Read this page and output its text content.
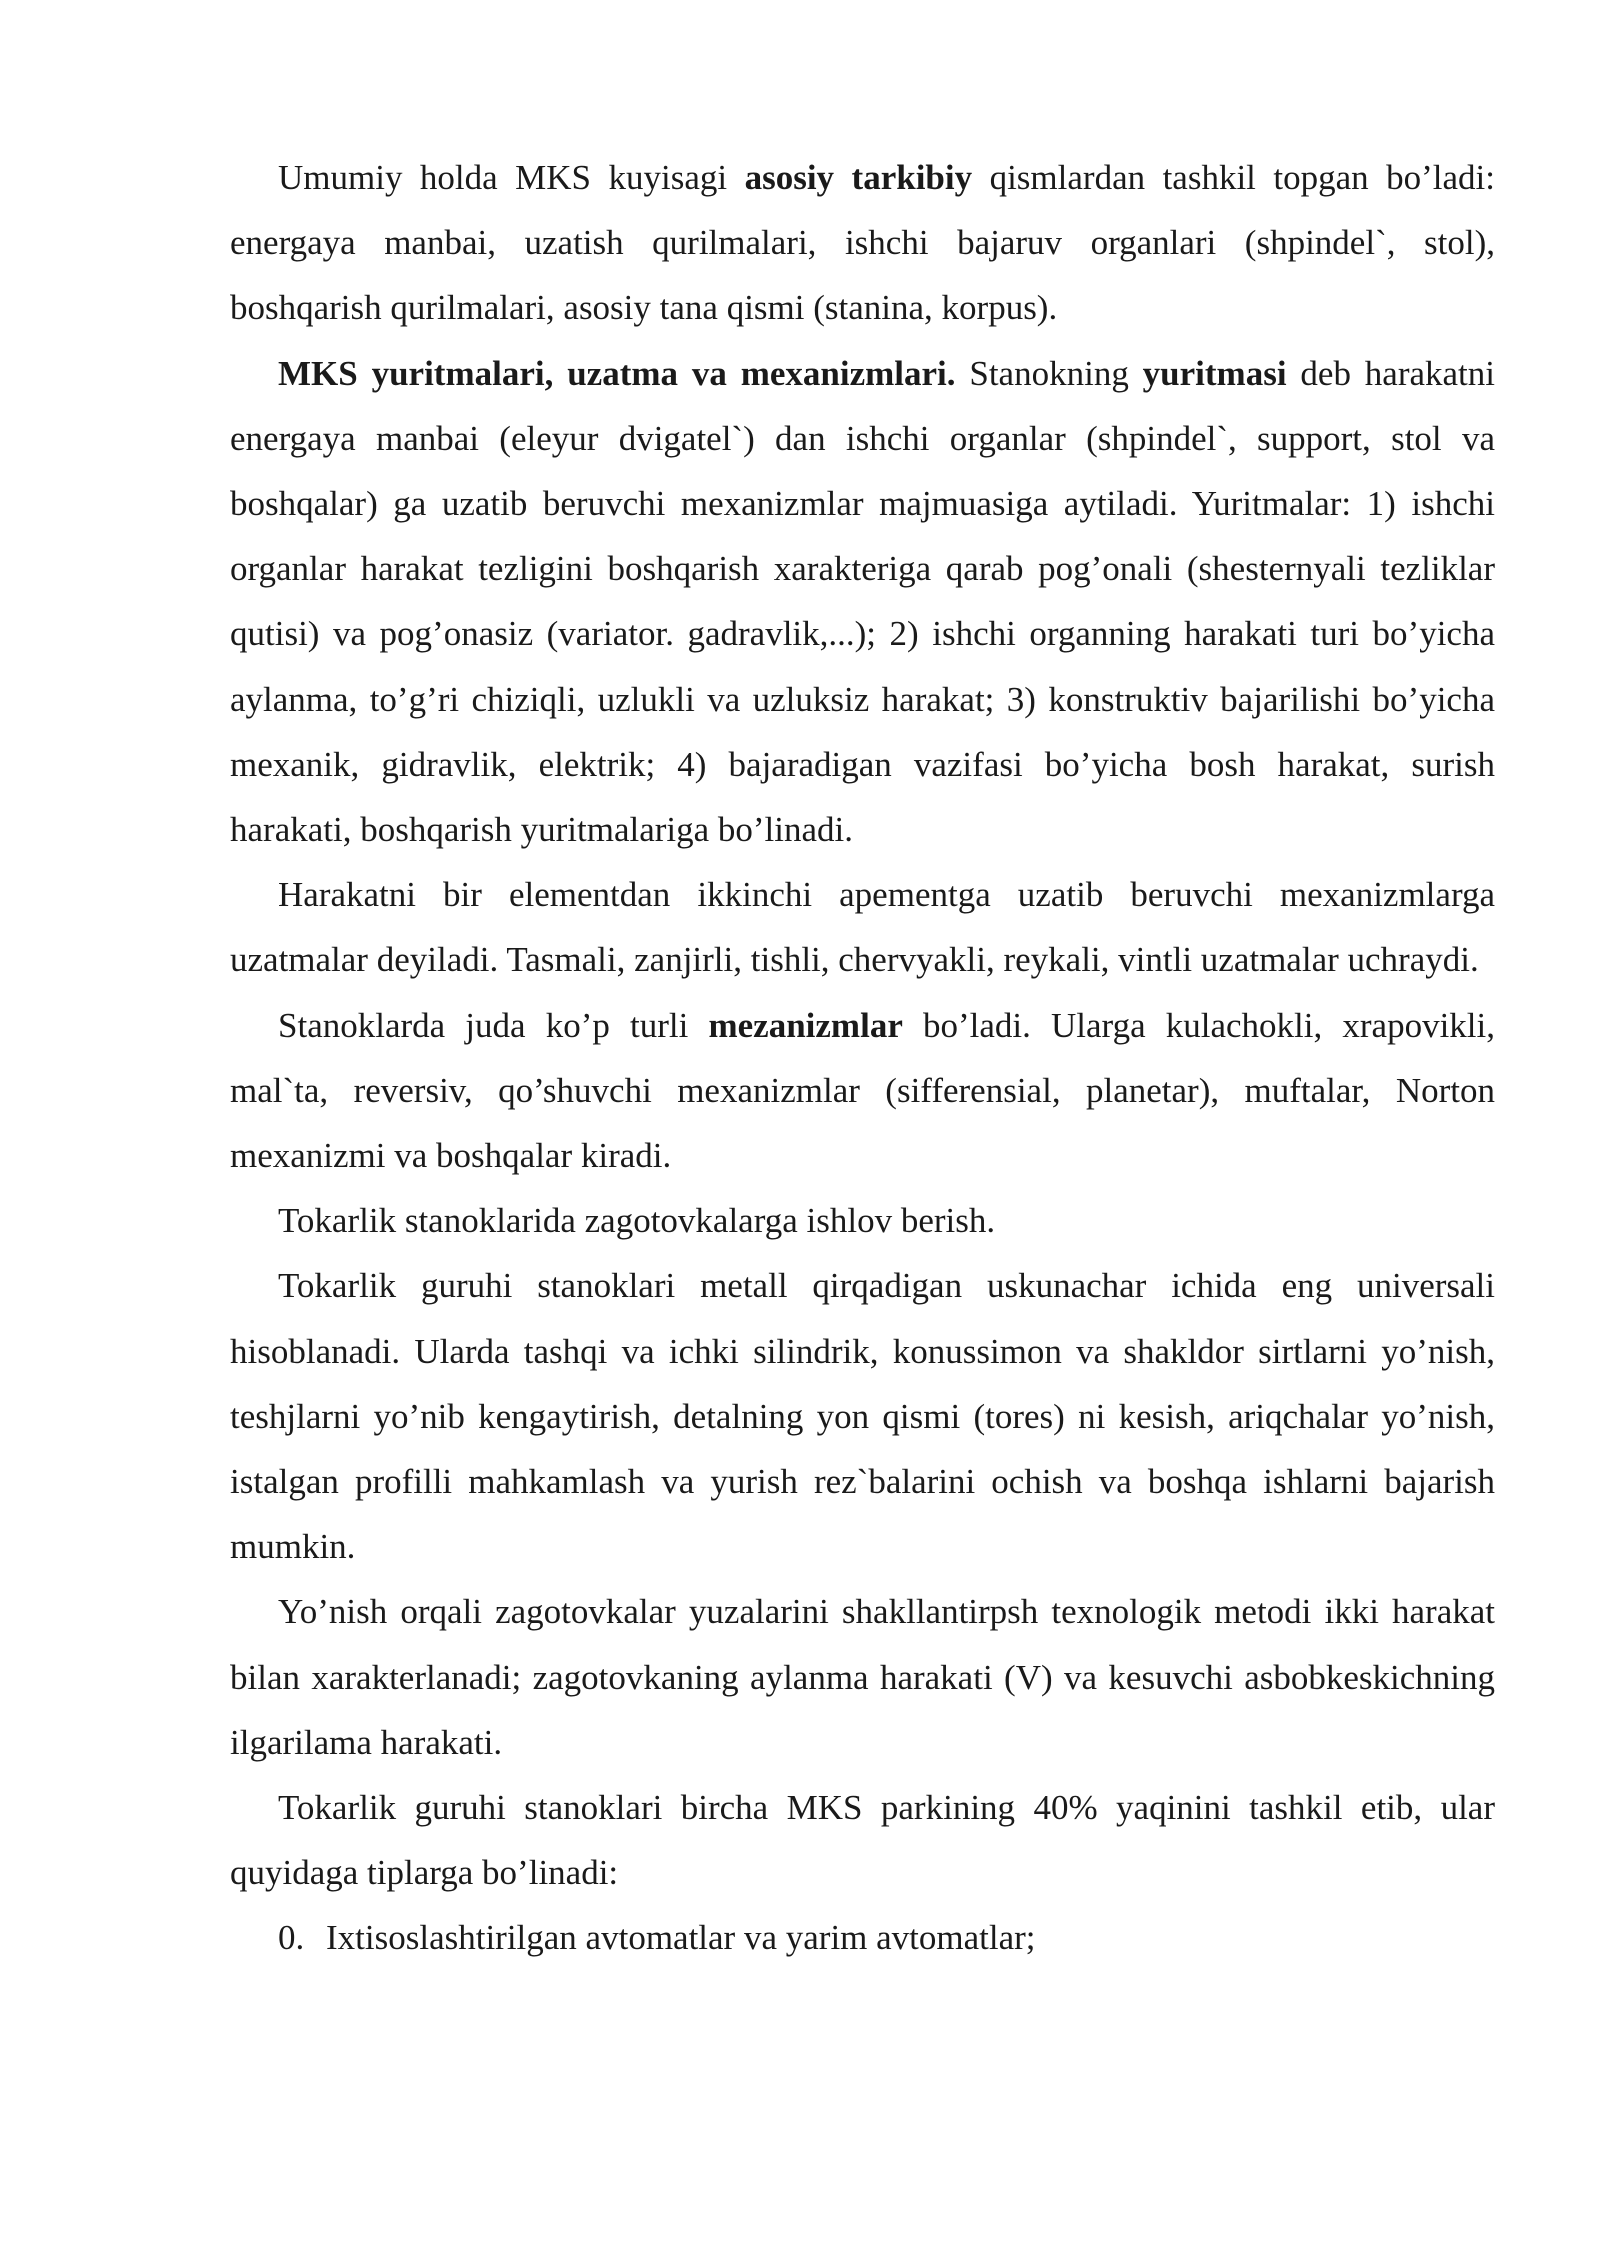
Umumiy holda MKS kuyisagi asosiy tarkibiy qismlardan tashkil topgan bo’ladi: energaya manbai, uzatish qurilmalari, ishchi bajaruv organlari (shpindel`, stol), boshqarish qurilmalari, asosiy tana qismi (stanina, korpus).

MKS yuritmalari, uzatma va mexanizmlari. Stanokning yuritmasi deb harakatni energaya manbai (eleyur dvigatel`) dan ishchi organlar (shpindel`, support, stol va boshqalar) ga uzatib beruvchi mexanizmlar majmuasiga aytiladi. Yuritmalar: 1) ishchi organlar harakat tezligini boshqarish xarakteriga qarab pog’onali (shesternyali tezliklar qutisi) va pog’onasiz (variator. gadravlik,...); 2) ishchi organning harakati turi bo’yicha aylanma, to’g’ri chiziqli, uzlukli va uzluksiz harakat; 3) konstruktiv bajarilishi bo’yicha mexanik, gidravlik, elektrik; 4) bajaradigan vazifasi bo’yicha bosh harakat, surish harakati, boshqarish yuritmalariga bo’linadi.

Harakatni bir elementdan ikkinchi apementga uzatib beruvchi mexanizmlarga uzatmalar deyiladi. Tasmali, zanjirli, tishli, chervyakli, reykali, vintli uzatmalar uchraydi.

Stanoklarda juda ko’p turli mezanizmlar bo’ladi. Ularga kulachokli, xrapovikli, mal`ta, reversiv, qo’shuvchi mexanizmlar (sifferensial, planetar), muftalar, Norton mexanizmi va boshqalar kiradi.

Tokarlik stanoklarida zagotovkalarga ishlov berish.

Tokarlik guruhi stanoklari metall qirqadigan uskunachar ichida eng universali hisoblanadi. Ularda tashqi va ichki silindrik, konussimon va shakldor sirtlarni yo’nish, teshjlarni yo’nib kengaytirish, detalning yon qismi (tores) ni kesish, ariqchalar yo’nish, istalgan profilli mahkamlash va yurish rez`balarini ochish va boshqa ishlarni bajarish mumkin.

Yo’nish orqali zagotovkalar yuzalarini shakllantirpsh texnologik metodi ikki harakat bilan xarakterlanadi; zagotovkaning aylanma harakati (V) va kesuvchi asbobkeskichning ilgarilama harakati.

Tokarlik guruhi stanoklari bircha MKS parkining 40% yaqinini tashkil etib, ular quyidaga tiplarga bo’linadi:

0. Ixtisoslashtirilgan avtomatlar va yarim avtomatlar;
